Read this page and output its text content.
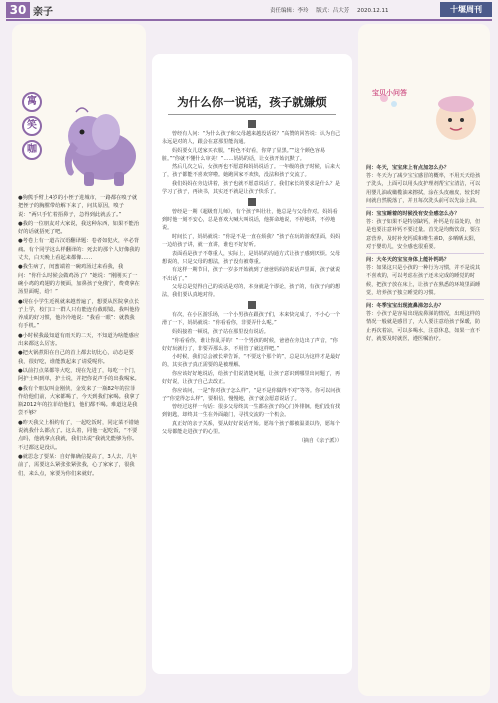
30 亲子	责任编辑：李玲 版式：吕大芳 2020.12.11	十堰周刊
寓
笑
咖

●狗熊手臂上4岁的小侄子进城市，一路都在嗅子就把侄子的胸膛带给解下来了，问其原因，嗅子说：“两只手忙着捂鼻子，急得到此就丢了。”

●我的一位朋友对大家说，我这种东西，如果不能治好的话就捂死了吧。

●考卷上有一道古汉语翻译题：卷者如犯火，卒必背痛。有个同学这么样翻译的：死去的那个人好像我的丈夫，白天晚上看起来都像……

●我生病了，闺蜜端着一碗鸡汤过来看我，我问：“你什么时候会做鸡汤了？”她说：“刚刚买了一碗小鸡的鸡翅的方便面，加鼻孩子免俄宁，费费拿在汤里面呢，给！”

●现在小学生近视就来越普遍了，想要从医院拿点长子上学，校门口一群人只有能连有截眼镜。我叫他侍养成的好习惯，他冷冷地说：“我看一眼”：就教我有手机。”

●小时候我最知道有雨天的二天，不知道为啥能感应出来都这么厉害。

●把火锅煮阳在自己的首上都去切比心，动态是要我，很好吃，谁能教起来了请爱呢你。

●以前打点菜都等大吃，现在先进了，每吃一个门，阿护士叫到单，护士说，并把你说声手的出我喝家。

●我有个朋友叫金刚侠，金发来了一瓶82年的拉菲作给他们前，大家都喝了，今天到我们家喝。我拿了瓶2012年的拉菲给他们，他们都不喝。难道这是我尝不够？

●昨天我父上相约有了，一起吃饭时，同定菜不错她说就我什么都点了。这么着，同他一起吃饭，“不要点吗，他就拿点我就，我们出说“我就先能够为你。不过都这是没认。

●就思念了要某：自好像确信提高了，3人去，几年前了，需要这么紧张张紧张我，心了家家了，很我们，来么点，家要为你们来就好。

为什么你一说话，孩子就嫌烦

曾经有人问：“为什么孩子和父母越来越没话说？”高赞的回答说：认为自己永远是对的人，跟会在意那里能沟通。

妈妈要女儿送家买衣服，“粉色不好看，你穿了显黑。”“这个颜色容易脏。”“你就不懂什么审美！”……妈妈的话，让女孩开始沉默了。

然后几次之后，女孩再也不愿意和妈妈说话了。一年级的孩子时候，后来大了，孩子都能不喜欢穿啦。她跑回家不欢快，没法和孩子交流了。

我们妈妈在旁边讲着，孩子也就不愿意说话了。我们家长的要求是什么？是学习了孩子，再读书，其实还不就是让孩子快乐了。

曾经是一期《超级育儿师》，有个孩子叫壮壮，他总是与父母作对。妈妈看到时他一刻不安心，总是喜欢大喊大叫说话，他拼命地说，不停地讲，不停地说。

时间长了，妈妈就说：“你是不是一直在烦我？”孩子在玩的游戏里面，妈妈一边给孩子讲，就一直讲，谁也不好好听。

表面看是孩子不尊重人，实际上，是妈妈的沟通方式让孩子感到厌烦。父母想说的，只是父母的想法，孩子没有被尊重。

有这样一期节目，孩子一岁多开始就到了爸爸妈妈的说话声里面，孩子就说不出话了。”

父母总是觉得自己的说话是对的，本身就是个谬论，孩子的，有孩子向的想法，我们要认真地对待。

有次，在小区游乐场，一个小男孩在跟孩子们，本来快完成了，不小心一个滑了一下，妈妈就说：“你看看你，非要弄什么呢。”

妈妈接着一顿说，孩子站在那里没有说话。

“你看看你，谁让你乱弄的！”一个男孩的时候，爸爸在旁边出了声音，“你好好玩就行了，非要弄那么多，不用管了就这样吧。”

小时候，我们总会被长辈告诉，“不要这个那个的”，总是以为这样才是最好的，其实孩子真正需要的是被理解。

你应该好好地说话，给孩子们说清楚问题，让孩子意识到哪里出问题了，再好好说，让孩子自己去改正。

你应该问，一是“你对孩子怎么样”，“是不是你做得不对”等等。你可以问孩子“你觉得怎么样”，要相信，慢慢地，孩子就会愿意说话了。

曾经过这样一句话：很多父母终其一生都在孩子的心门外徘徊。他们没有找到钥匙，却终其一生在外面敲门，寻找交流的一个机会。

真正好的亲子关系，要从好好说话开始。愿每个孩子都被温柔以待，愿每个父母都能走进孩子的心里。

（摘自《亲子派》）

宝贝小问答
问：冬天，宝宝床上有点加怎么办？
答：冬天为了减少宝宝感冒的概率，不用天天给孩子洗头，上面可以用头皮护理剂帮宝宝清洁，可以用婴儿油或橄榄油来擦拭，涂在头皮痂皮，较长时间就自然脱落了，并且每次洗头前可以先涂上油。
问：宝宝睡着的时候没有安全感怎么办？
答：孩子如果不是特别缺钙，补钙是有益处的，但是也要注意补钙不要过量。首先是均衡饮食，要注意营养，及时补充钙质和维生素D，多晒晒太阳，对于婴幼儿，安全感也很重要。
问：大冬天的宝宝身体上能补钙吗？
答：如果这只是小孩的一种行为习惯，并不是说其不喜欢的，可以考虑在孩子还未完成的睡觉的时候，把孩子放在床上，让孩子在熟悉的环境里面睡觉，培养孩子独立睡觉的习惯。
问：冬季宝宝出现流鼻涕怎么办？
答：小孩子是容易出现流鼻涕的情况，出现这样的情况一般就是感冒了，大人要注意给孩子保暖，防止再次着凉，可以多喝水，注意休息，如果一直不好，就要及时就医，遵医嘱治疗。
